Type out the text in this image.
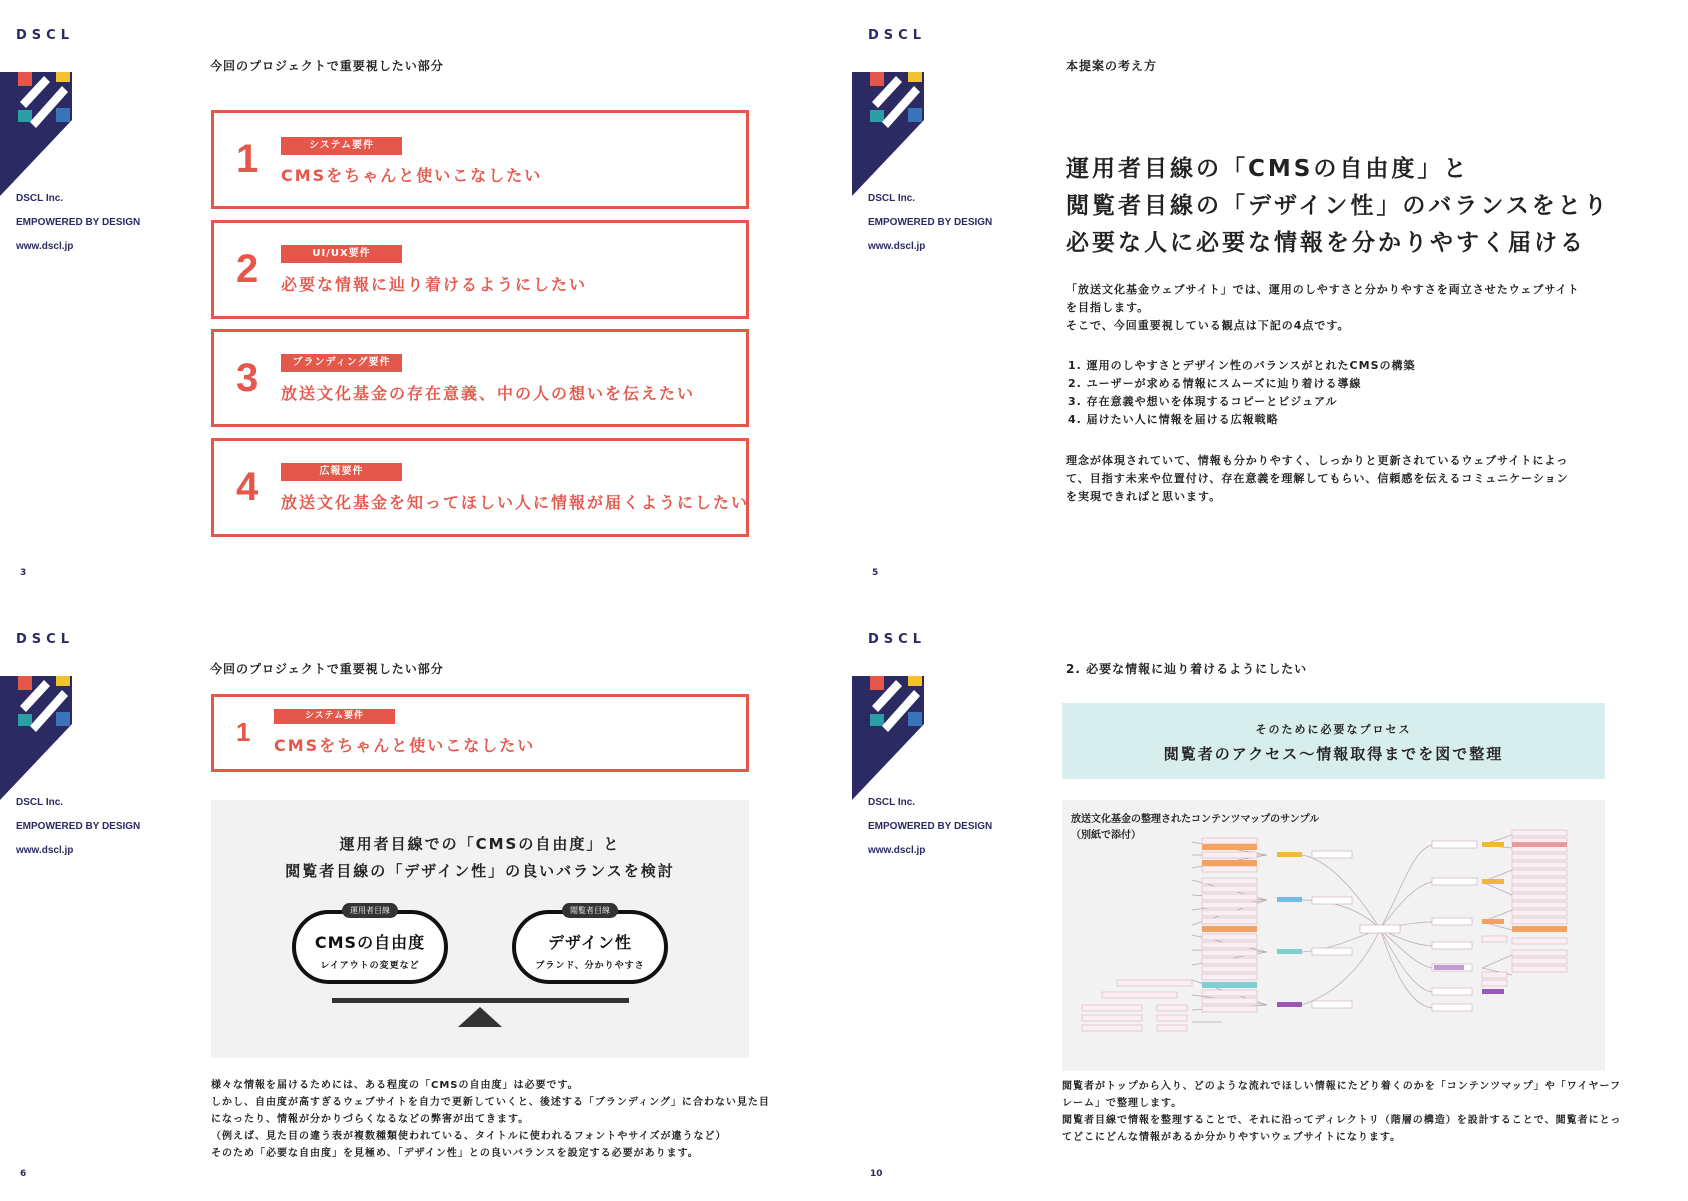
DSCL
DSCL Inc.
EMPOWERED BY DESIGN
www.dscl.jp
3
今回のプロジェクトで重要視したい部分
1	システム要件
CMSをちゃんと使いこなしたい
2	UI/UX要件
必要な情報に辿り着けるようにしたい
3	ブランディング要件
放送文化基金の存在意義、中の人の想いを伝えたい
4	広報要件
放送文化基金を知ってほしい人に情報が届くようにしたい
DSCL
DSCL Inc.
EMPOWERED BY DESIGN
www.dscl.jp
5
本提案の考え方
運用者目線の「CMSの自由度」と
閲覧者目線の「デザイン性」のバランスをとり
必要な人に必要な情報を分かりやすく届ける
「放送文化基金ウェブサイト」では、運用のしやすさと分かりやすさを両立させたウェブサイト
を目指します。
そこで、今回重要視している観点は下記の4点です。
1. 運用のしやすさとデザイン性のバランスがとれたCMSの構築
2. ユーザーが求める情報にスムーズに辿り着ける導線
3. 存在意義や想いを体現するコピーとビジュアル
4. 届けたい人に情報を届ける広報戦略
理念が体現されていて、情報も分かりやすく、しっかりと更新されているウェブサイトによっ
て、目指す未来や位置付け、存在意義を理解してもらい、信頼感を伝えるコミュニケーション
を実現できればと思います。
DSCL
DSCL Inc.
EMPOWERED BY DESIGN
www.dscl.jp
6
今回のプロジェクトで重要視したい部分
1
システム要件
CMSをちゃんと使いこなしたい
運用者目線での「CMSの自由度」と
閲覧者目線の「デザイン性」の良いバランスを検討
運用者目線
CMSの自由度
レイアウトの変更など
閲覧者目線
デザイン性
ブランド、分かりやすさ
様々な情報を届けるためには、ある程度の「CMSの自由度」は必要です。
しかし、自由度が高すぎるウェブサイトを自力で更新していくと、後述する「ブランディング」に合わない見た目
になったり、情報が分かりづらくなるなどの弊害が出てきます。
（例えば、見た目の違う表が複数種類使われている、タイトルに使われるフォントやサイズが違うなど）
そのため「必要な自由度」を見極め、「デザイン性」との良いバランスを設定する必要があります。
DSCL
DSCL Inc.
EMPOWERED BY DESIGN
www.dscl.jp
10
2. 必要な情報に辿り着けるようにしたい
そのために必要なプロセス
閲覧者のアクセス〜情報取得までを図で整理
放送文化基金の整理されたコンテンツマップのサンプル
（別紙で添付）
閲覧者がトップから入り、どのような流れでほしい情報にたどり着くのかを「コンテンツマップ」や「ワイヤーフ
レーム」で整理します。
閲覧者目線で情報を整理することで、それに沿ってディレクトリ（階層の構造）を設計することで、閲覧者にとっ
てどこにどんな情報があるか分かりやすいウェブサイトになります。
